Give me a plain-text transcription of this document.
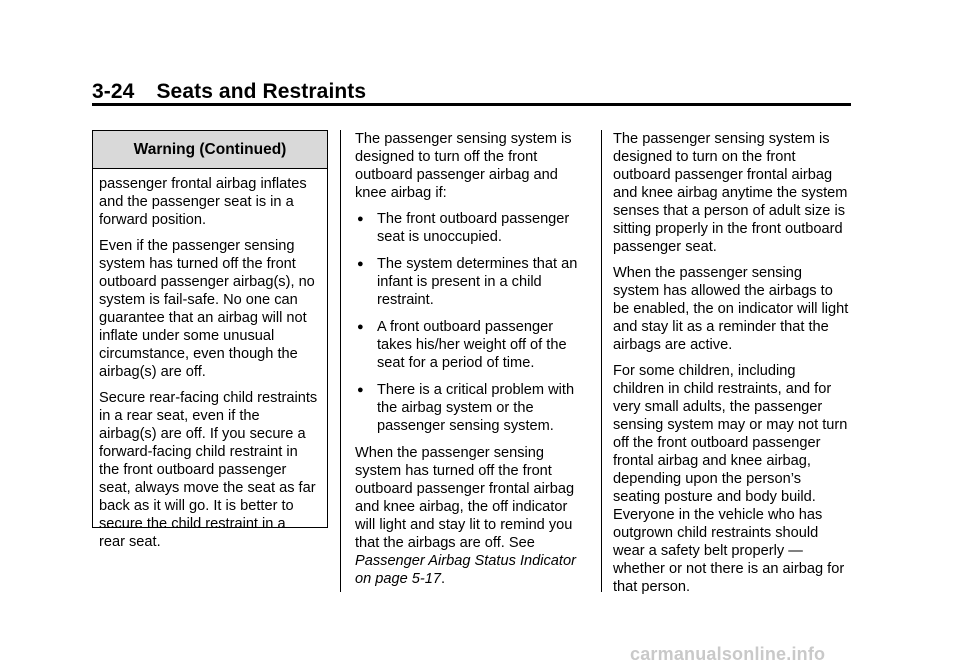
3-24 Seats and Restraints
Warning (Continued)

passenger frontal airbag inflates
and the passenger seat is in a
forward position.

Even if the passenger sensing
system has turned off the front
outboard passenger airbag(s), no
system is fail-safe. No one can
guarantee that an airbag will not
inflate under some unusual
circumstance, even though the
airbag(s) are off.

Secure rear-facing child restraints
in a rear seat, even if the
airbag(s) are off. If you secure a
forward-facing child restraint in
the front outboard passenger
seat, always move the seat as far
back as it will go. It is better to
secure the child restraint in a
rear seat.

The passenger sensing system is
designed to turn off the front
outboard passenger airbag and
knee airbag if:

● The front outboard passenger
seat is unoccupied.
● The system determines that an
infant is present in a child
restraint.
● A front outboard passenger
takes his/her weight off of the
seat for a period of time.
● There is a critical problem with
the airbag system or the
passenger sensing system.

When the passenger sensing
system has turned off the front
outboard passenger frontal airbag
and knee airbag, the off indicator
will light and stay lit to remind you
that the airbags are off. See
Passenger Airbag Status Indicator
on page 5-17.

The passenger sensing system is
designed to turn on the front
outboard passenger frontal airbag
and knee airbag anytime the system
senses that a person of adult size is
sitting properly in the front outboard
passenger seat.

When the passenger sensing
system has allowed the airbags to
be enabled, the on indicator will light
and stay lit as a reminder that the
airbags are active.

For some children, including
children in child restraints, and for
very small adults, the passenger
sensing system may or may not turn
off the front outboard passenger
frontal airbag and knee airbag,
depending upon the person’s
seating posture and body build.
Everyone in the vehicle who has
outgrown child restraints should
wear a safety belt properly —
whether or not there is an airbag for
that person.

carmanualsonline.info
